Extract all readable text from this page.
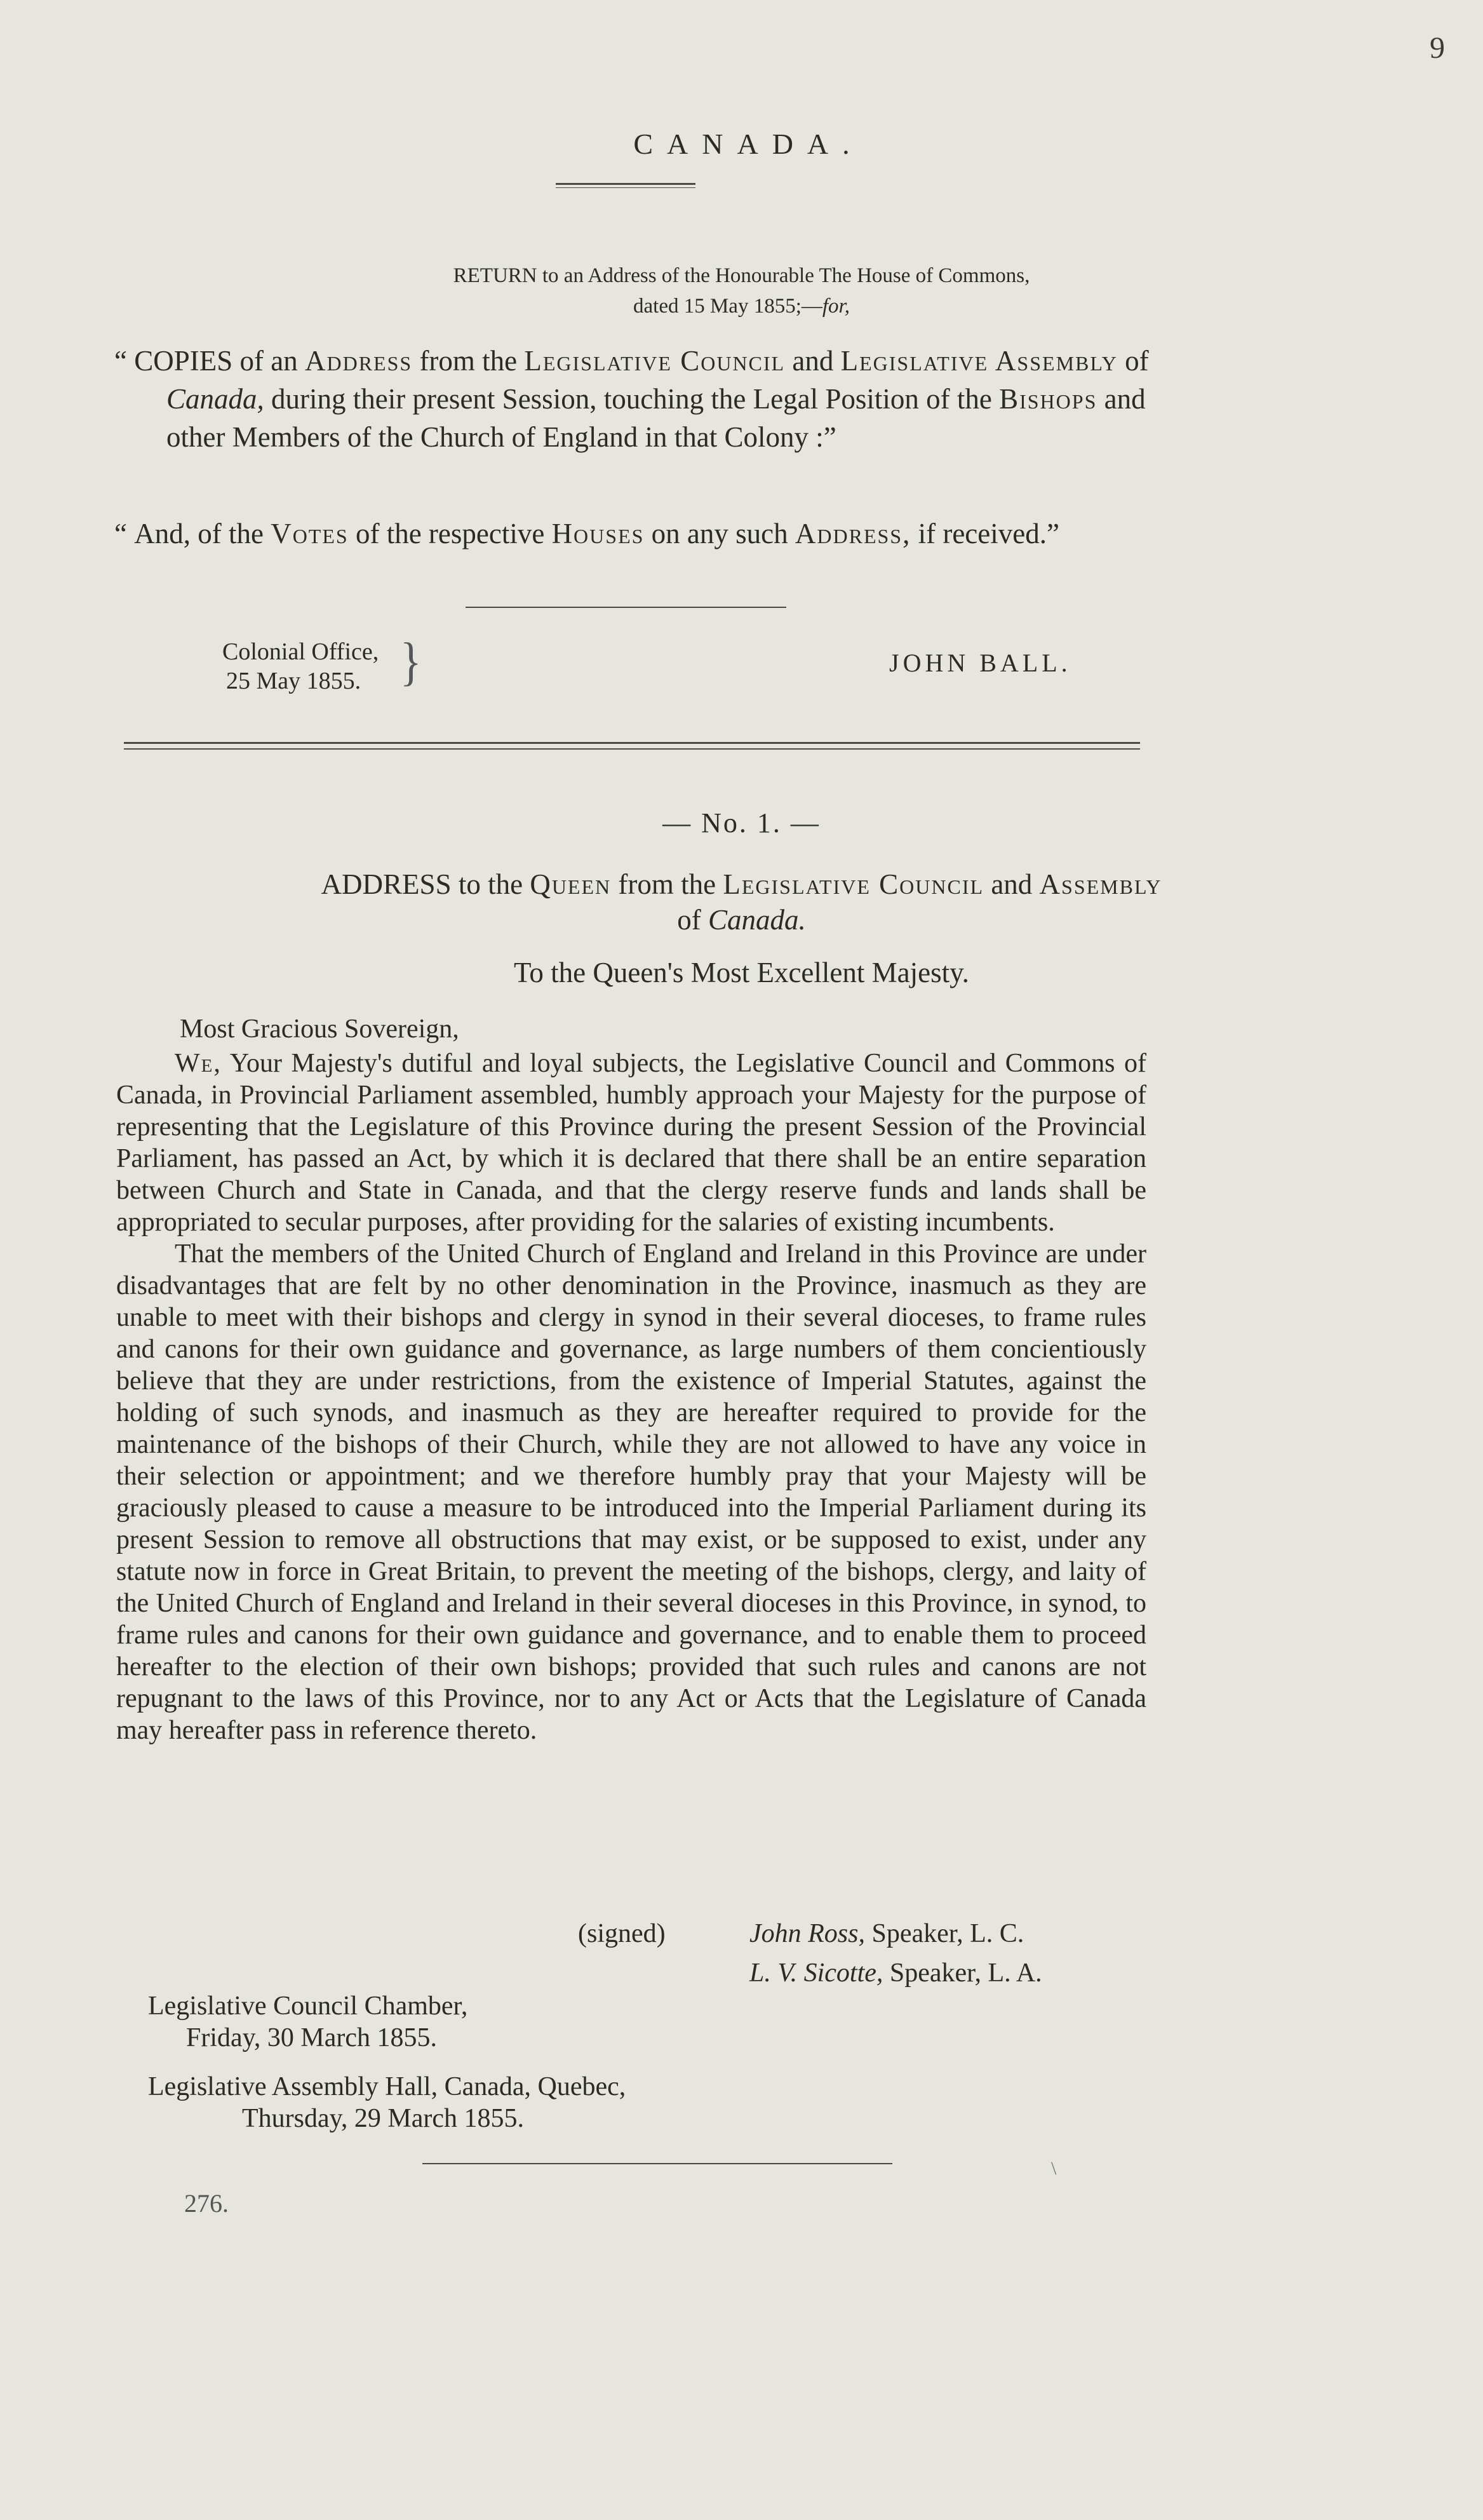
9
CANADA.
RETURN to an Address of the Honourable The House of Commons,
dated 15 May 1855;—for,
“ COPIES of an Address from the Legislative Council and Legislative Assembly of Canada, during their present Session, touching the Legal Position of the Bishops and other Members of the Church of England in that Colony :”
“ And, of the Votes of the respective Houses on any such Address, if received.”
Colonial Office,
25 May 1855. }	JOHN BALL.
— No. 1. —
ADDRESS to the Queen from the Legislative Council and Assembly
of Canada.
To the Queen's Most Excellent Majesty.

Most Gracious Sovereign,

We, Your Majesty's dutiful and loyal subjects, the Legislative Council and Commons of Canada, in Provincial Parliament assembled, humbly approach your Majesty for the purpose of representing that the Legislature of this Province during the present Session of the Provincial Parliament, has passed an Act, by which it is declared that there shall be an entire separation between Church and State in Canada, and that the clergy reserve funds and lands shall be appropriated to secular purposes, after providing for the salaries of existing incumbents.

That the members of the United Church of England and Ireland in this Province are under disadvantages that are felt by no other denomination in the Province, inasmuch as they are unable to meet with their bishops and clergy in synod in their several dioceses, to frame rules and canons for their own guidance and governance, as large numbers of them concientiously believe that they are under restrictions, from the existence of Imperial Statutes, against the holding of such synods, and inasmuch as they are hereafter required to provide for the maintenance of the bishops of their Church, while they are not allowed to have any voice in their selection or appointment; and we therefore humbly pray that your Majesty will be graciously pleased to cause a measure to be introduced into the Imperial Parliament during its present Session to remove all obstructions that may exist, or be supposed to exist, under any statute now in force in Great Britain, to prevent the meeting of the bishops, clergy, and laity of the United Church of England and Ireland in their several dioceses in this Province, in synod, to frame rules and canons for their own guidance and governance, and to enable them to proceed hereafter to the election of their own bishops; provided that such rules and canons are not repugnant to the laws of this Province, nor to any Act or Acts that the Legislature of Canada may hereafter pass in reference thereto.

(signed)	John Ross, Speaker, L. C.
L. V. Sicotte, Speaker, L. A.
Legislative Council Chamber,
Friday, 30 March 1855.
Legislative Assembly Hall, Canada, Quebec,
Thursday, 29 March 1855.
\
276.
